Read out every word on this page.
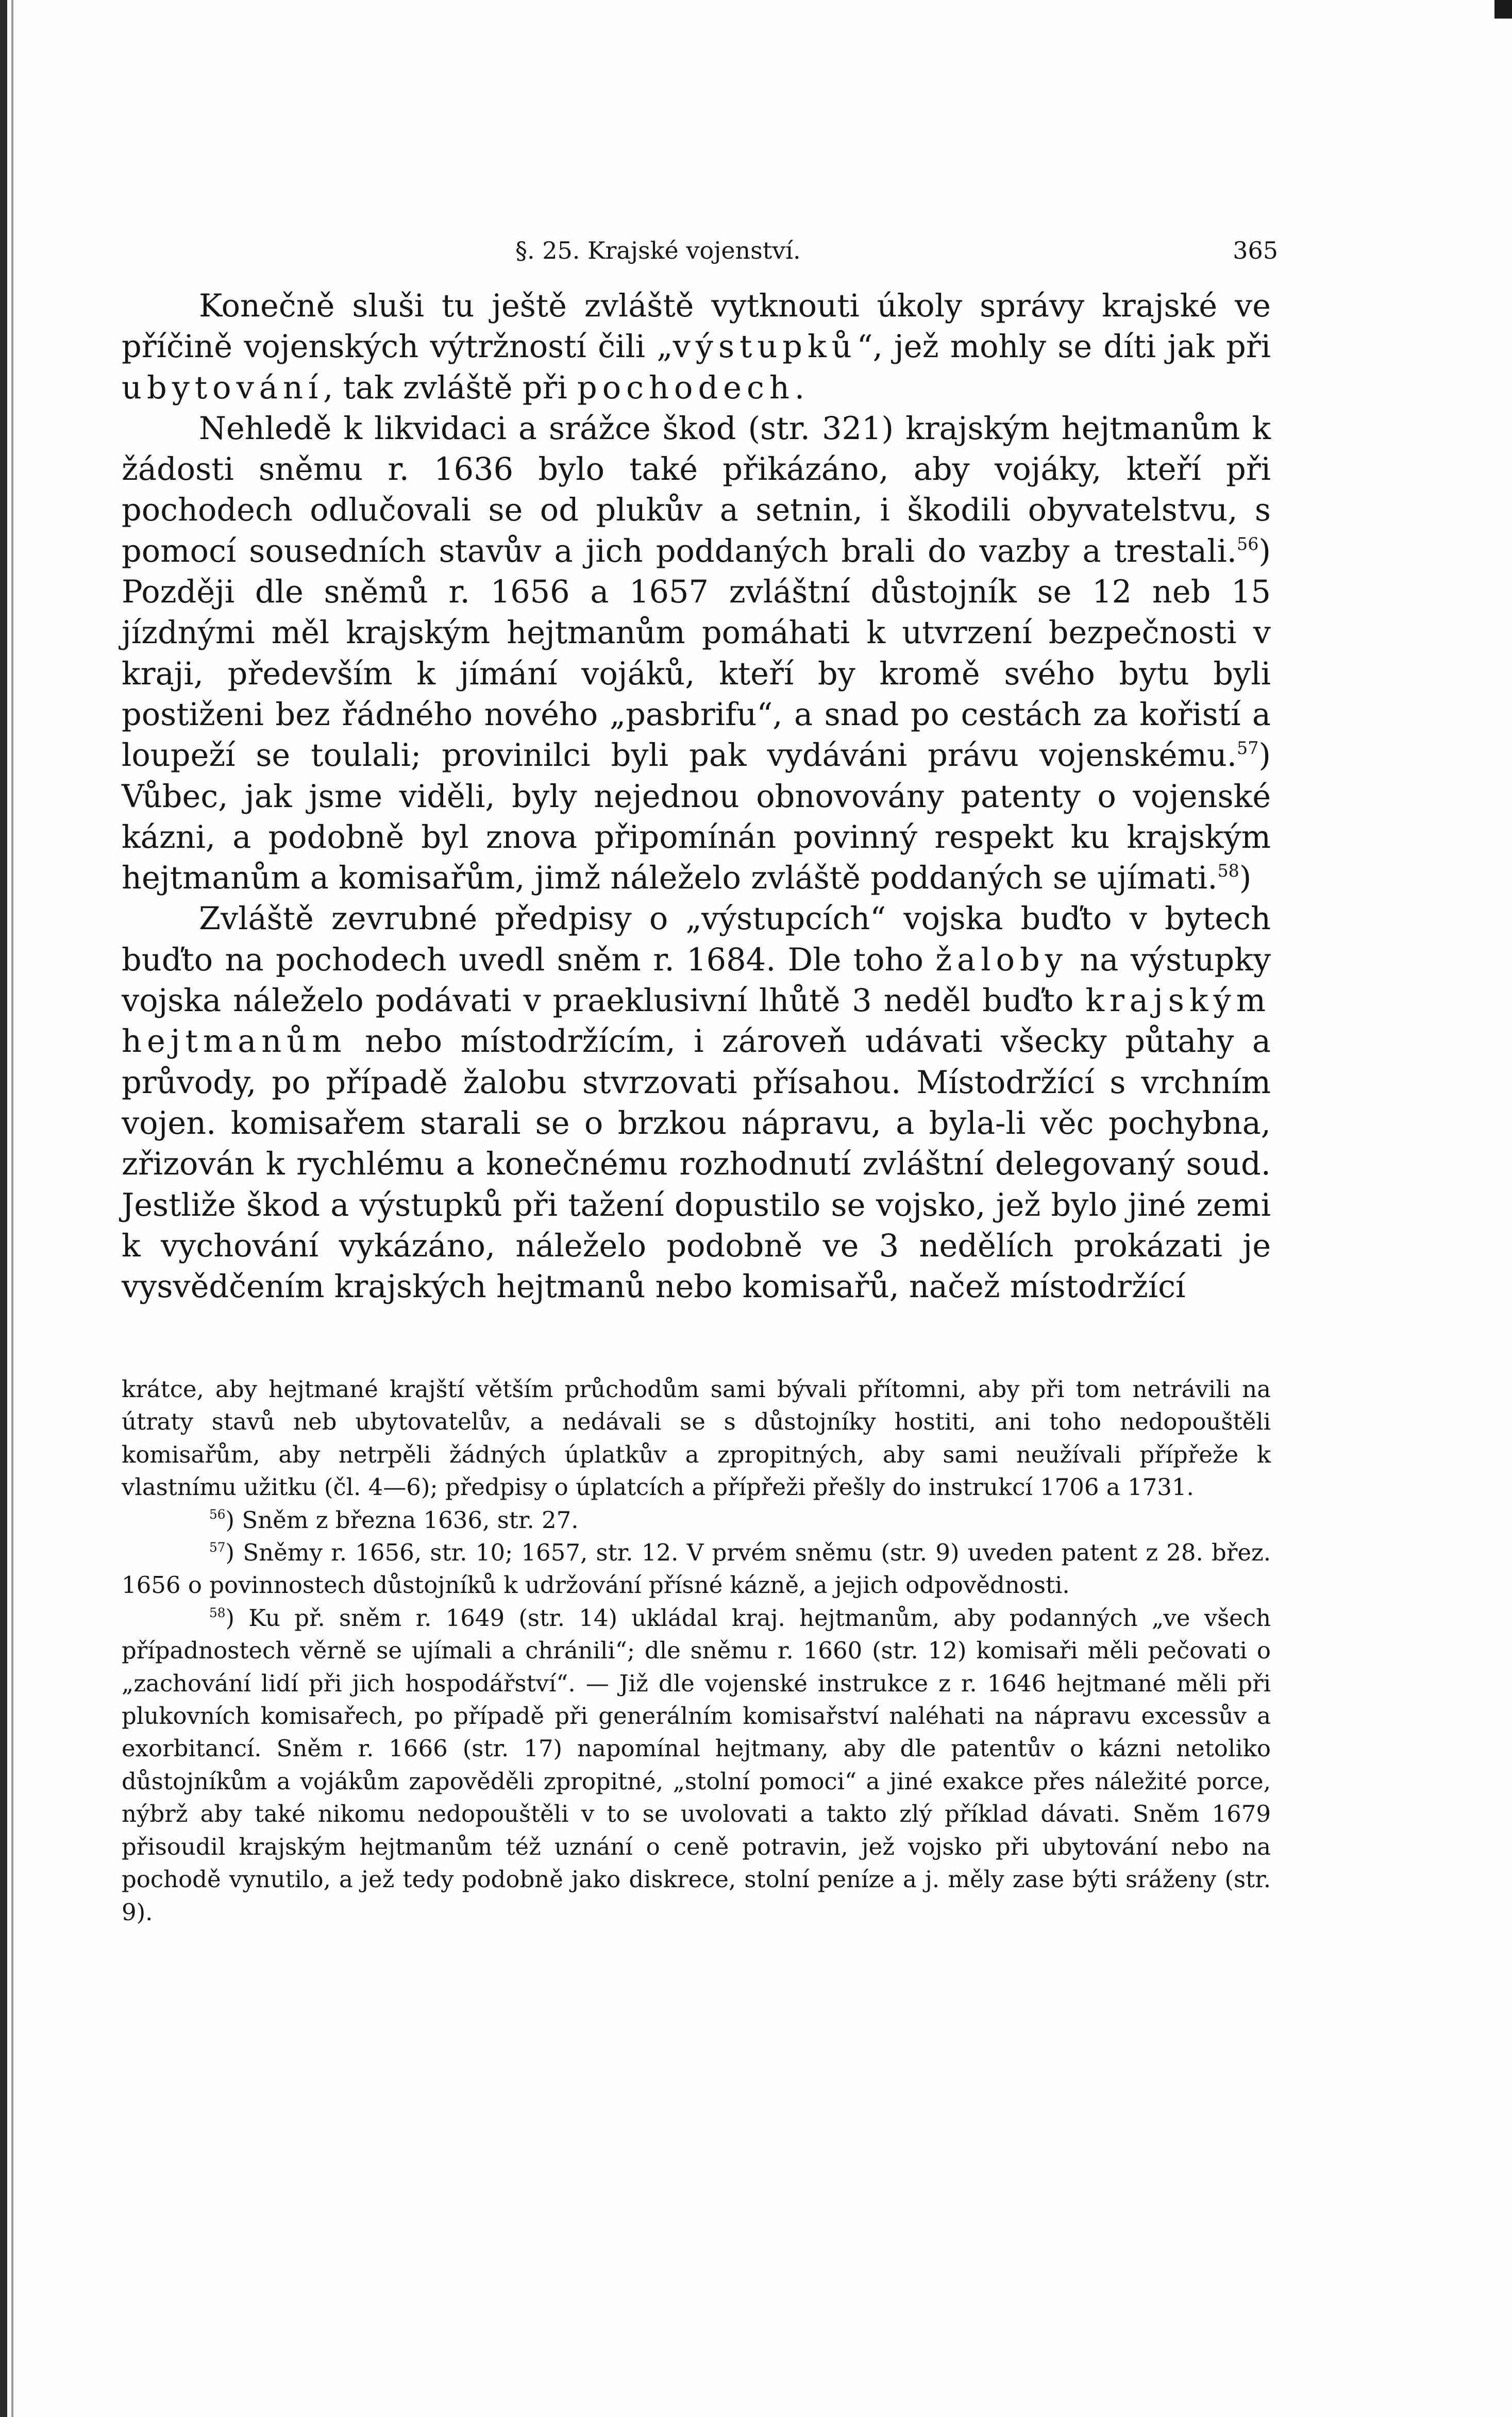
§. 25. Krajské vojenství.	365

Konečně sluši tu ještě zvláště vytknouti úkoly správy krajské ve příčině vojenských výtržností čili „výstupků“, jež mohly se díti jak při ubytování, tak zvláště při pochodech.

Nehledě k likvidaci a srážce škod (str. 321) krajským hejtmanům k žádosti sněmu r. 1636 bylo také přikázáno, aby vojáky, kteří při pochodech odlučovali se od plukův a setnin, i škodili obyvatelstvu, s pomocí sousedních stavův a jich poddaných brali do vazby a trestali.$^{56}$) Později dle sněmů r. 1656 a 1657 zvláštní důstojník se 12 neb 15 jízdnými měl krajským hejtmanům pomáhati k utvrzení bezpečnosti v kraji, především k jímání vojáků, kteří by kromě svého bytu byli postiženi bez řádného nového „pasbrifu“, a snad po cestách za kořistí a loupeží se toulali; provinilci byli pak vydáváni právu vojenskému.$^{57}$) Vůbec, jak jsme viděli, byly nejednou obnovovány patenty o vojenské kázni, a podobně byl znova připomínán povinný respekt ku krajským hejtmanům a komisařům, jimž náleželo zvláště poddaných se ujímati.$^{58}$)

Zvláště zevrubné předpisy o „výstupcích“ vojska buďto v bytech buďto na pochodech uvedl sněm r. 1684. Dle toho žaloby na výstupky vojska náleželo podávati v praeklusivní lhůtě 3 neděl buďto krajským hejtmanům nebo místodržícím, i zároveň udávati všecky půtahy a průvody, po případě žalobu stvrzovati přísahou. Místodržící s vrchním vojen. komisařem starali se o brzkou nápravu, a byla-li věc pochybna, zřizován k rychlému a konečnému rozhodnutí zvláštní delegovaný soud. Jestliže škod a výstupků při tažení dopustilo se vojsko, jež bylo jiné zemi k vychování vykázáno, náleželo podobně ve 3 nedělích prokázati je vysvědčením krajských hejtmanů nebo komisařů, načež místodržící

krátce, aby hejtmané krajští větším průchodům sami bývali přítomni, aby při tom netrávili na útraty stavů neb ubytovatelův, a nedávali se s důstojníky hostiti, ani toho nedopouštěli komisařům, aby netrpěli žádných úplatkův a zpropitných, aby sami neužívali přípřeže k vlastnímu užitku (čl. 4—6); předpisy o úplatcích a přípřeži přešly do instrukcí 1706 a 1731.

$^{56}$) Sněm z března 1636, str. 27.

$^{57}$) Sněmy r. 1656, str. 10; 1657, str. 12. V prvém sněmu (str. 9) uveden patent z 28. břez. 1656 o povinnostech důstojníků k udržování přísné kázně, a jejich odpovědnosti.

$^{58}$) Ku př. sněm r. 1649 (str. 14) ukládal kraj. hejtmanům, aby podanných „ve všech případnostech věrně se ujímali a chránili“; dle sněmu r. 1660 (str. 12) komisaři měli pečovati o „zachování lidí při jich hospodářství“. — Již dle vojenské instrukce z r. 1646 hejtmané měli při plukovních komisařech, po případě při generálním komisařství naléhati na nápravu excessův a exorbitancí. Sněm r. 1666 (str. 17) napomínal hejtmany, aby dle patentův o kázni netoliko důstojníkům a vojákům zapověděli zpropitné, „stolní pomoci“ a jiné exakce přes náležité porce, nýbrž aby také nikomu nedopouštěli v to se uvolovati a takto zlý příklad dávati. Sněm 1679 přisoudil krajským hejtmanům též uznání o ceně potravin, jež vojsko při ubytování nebo na pochodě vynutilo, a jež tedy podobně jako diskrece, stolní peníze a j. měly zase býti sráženy (str. 9).
